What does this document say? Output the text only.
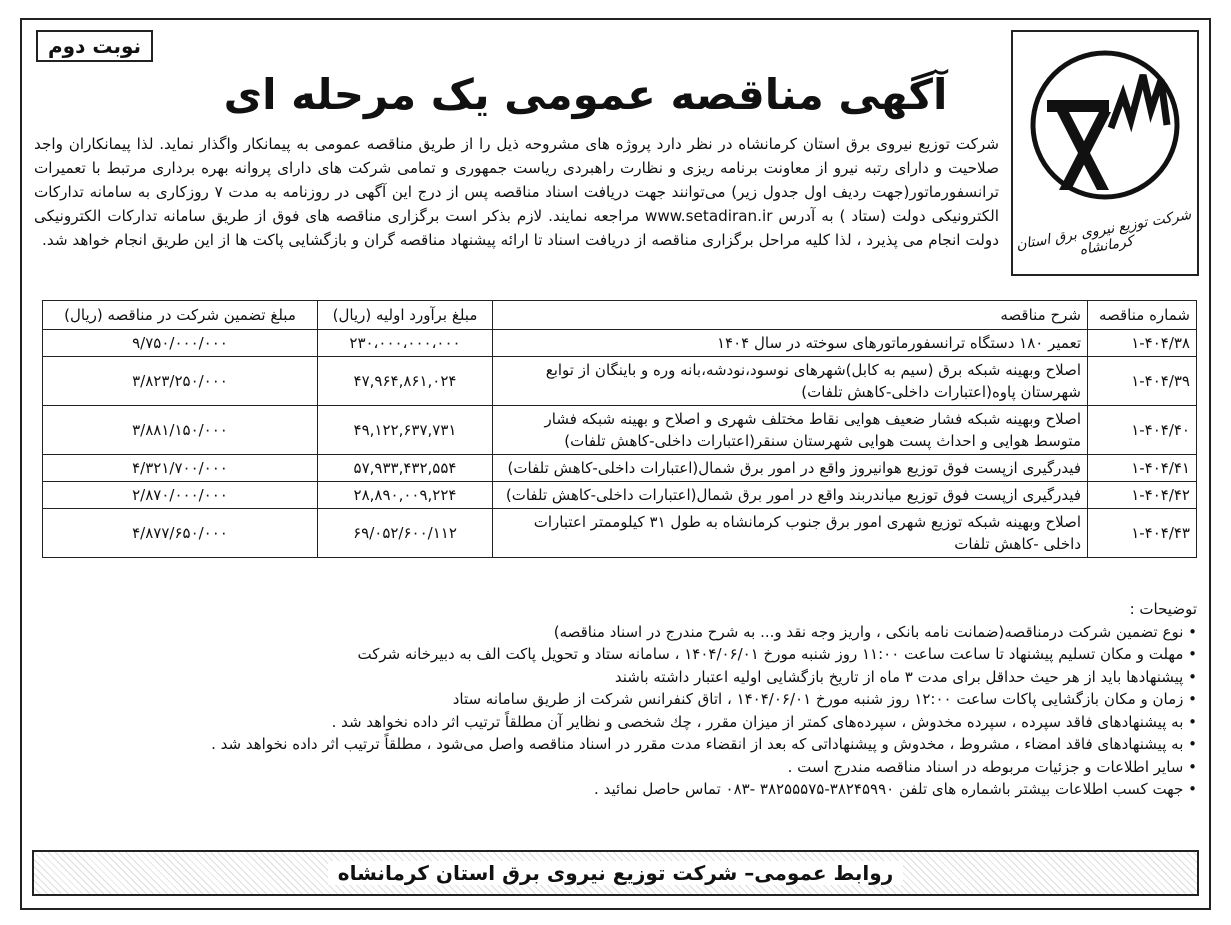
نوبت دوم
شرکت توزیع نیروی برق استان کرمانشاه
آگهی مناقصه عمومی یک مرحله ای
شرکت توزیع نیروی برق استان کرمانشاه در نظر دارد پروژه های مشروحه ذیل را از طریق مناقصه عمومی به پیمانکار واگذار نماید. لذا پیمانکاران واجد صلاحیت و دارای رتبه نیرو از معاونت برنامه ریزی و نظارت راهبردی ریاست جمهوری و تمامی شرکت های دارای پروانه بهره برداری مرتبط با تعمیرات ترانسفورماتور(جهت ردیف اول جدول زیر) می‌توانند جهت دریافت اسناد مناقصه پس از درج این آگهی در روزنامه به مدت ۷ روزکاری به سامانه تدارکات الکترونیکی دولت (ستاد ) به آدرس www.setadiran.ir مراجعه نمایند. لازم بذکر است برگزاری مناقصه های فوق از طریق سامانه تدارکات الکترونیکی دولت انجام می پذیرد ، لذا کلیه مراحل برگزاری مناقصه از دریافت اسناد تا ارائه پیشنهاد مناقصه گران و بازگشایی پاکت ها از این طریق انجام خواهد شد.
شماره مناقصه	شرح مناقصه	مبلغ برآورد اولیه (ریال)	مبلغ تضمین شرکت در مناقصه (ریال)
۱-۴۰۴/۳۸	تعمیر ۱۸۰ دستگاه ترانسفورماتورهای سوخته در سال ۱۴۰۴	۲۳۰،۰۰۰،۰۰۰،۰۰۰	۹/۷۵۰/۰۰۰/۰۰۰
۱-۴۰۴/۳۹	اصلاح وبهینه شبکه برق (سیم به کابل)شهرهای نوسود،نودشه،بانه وره و باینگان از توابع شهرستان پاوه(اعتبارات داخلی-کاهش تلفات)	۴۷,۹۶۴,۸۶۱,۰۲۴	۳/۸۲۳/۲۵۰/۰۰۰
۱-۴۰۴/۴۰	اصلاح وبهینه شبکه فشار ضعیف هوایی نقاط مختلف شهری و اصلاح و بهینه شبکه فشار متوسط هوایی و احداث پست هوایی شهرستان سنقر(اعتبارات داخلی-کاهش تلفات)	۴۹,۱۲۲,۶۳۷,۷۳۱	۳/۸۸۱/۱۵۰/۰۰۰
۱-۴۰۴/۴۱	فیدرگیری ازپست فوق توزیع هوانیروز واقع در امور برق شمال(اعتبارات داخلی-کاهش تلفات)	۵۷,۹۳۳,۴۳۲,۵۵۴	۴/۳۲۱/۷۰۰/۰۰۰
۱-۴۰۴/۴۲	فیدرگیری ازپست فوق توزیع میاندربند واقع در امور برق شمال(اعتبارات داخلی-کاهش تلفات)	۲۸,۸۹۰,۰۰۹,۲۲۴	۲/۸۷۰/۰۰۰/۰۰۰
۱-۴۰۴/۴۳	اصلاح وبهینه شبکه توزیع شهری امور برق جنوب کرمانشاه به طول ۳۱ کیلوممتر اعتبارات داخلی -کاهش تلفات	۶۹/۰۵۲/۶۰۰/۱۱۲	۴/۸۷۷/۶۵۰/۰۰۰
توضیحات :
• نوع تضمین شرکت درمناقصه(ضمانت نامه بانکی ، واریز وجه نقد و... به شرح مندرج در اسناد مناقصه)
• مهلت و مکان تسلیم پیشنهاد تا ساعت ساعت ۱۱:۰۰ روز شنبه مورخ ۱۴۰۴/۰۶/۰۱ ، سامانه ستاد و تحویل پاکت الف به دبیرخانه شرکت
• پیشنهادها باید از هر حیث حداقل برای مدت ۳ ماه از تاریخ بازگشایی اولیه اعتبار داشته باشند
• زمان و مکان بازگشایی پاکات ساعت ۱۲:۰۰ روز شنبه مورخ ۱۴۰۴/۰۶/۰۱ ، اتاق کنفرانس شرکت از طریق سامانه ستاد
• به پیشنهادهای فاقد سپرده ، سپرده مخدوش ، سپرده‌های کمتر از میزان مقرر ، چك شخصی و نظایر آن مطلقاً ترتیب اثر داده نخواهد شد .
• به پیشنهادهای فاقد امضاء ، مشروط ، مخدوش و پیشنهاداتی که بعد از انقضاء مدت مقرر در اسناد مناقصه واصل می‌شود ، مطلقاً ترتیب اثر داده نخواهد شد .
• سایر اطلاعات و جزئیات مربوطه در اسناد مناقصه مندرج است .
• جهت کسب اطلاعات بیشتر باشماره های تلفن ۳۸۲۴۵۹۹۰-۳۸۲۵۵۵۷۵ -۰۸۳ تماس حاصل نمائید .
روابط عمومی– شرکت توزیع نیروی برق استان کرمانشاه
